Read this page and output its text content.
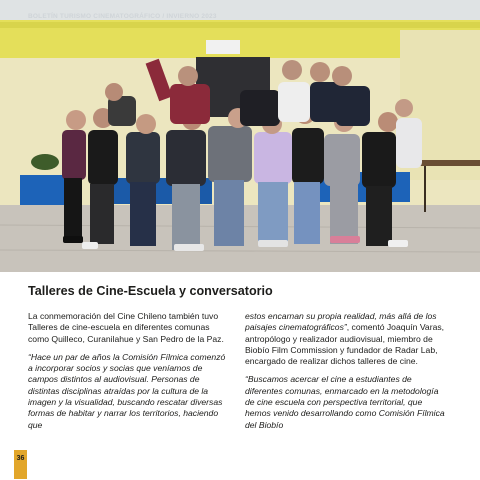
BOLETÍN TURISMO CINEMATOGRÁFICO / INVIERNO 2023
Talleres de Cine-Escuela y conversatorio

La conmemoración del Cine Chileno también tuvo Talleres de cine-escuela en diferentes comunas como Quilleco, Curanilahue y San Pedro de la Paz.

“Hace un par de años la Comisión Fílmica comenzó a incorporar socios y socias que veníamos de campos distintos al audiovisual. Personas de distintas disciplinas atraídas por la cultura de la imagen y la visualidad, buscando rescatar diversas formas de habitar y narrar los territorios, haciendo que

estos encarnan su propia realidad, más allá de los paisajes cinematográficos”, comentó Joaquín Varas, antropólogo y realizador audiovisual, miembro de Biobío Film Commission y fundador de Radar Lab, encargado de realizar dichos talleres de cine.

“Buscamos acercar el cine a estudiantes de diferentes comunas, enmarcado en la metodología de cine escuela con perspectiva territorial, que hemos venido desarrollando como Comisión Fílmica del Biobío

36
